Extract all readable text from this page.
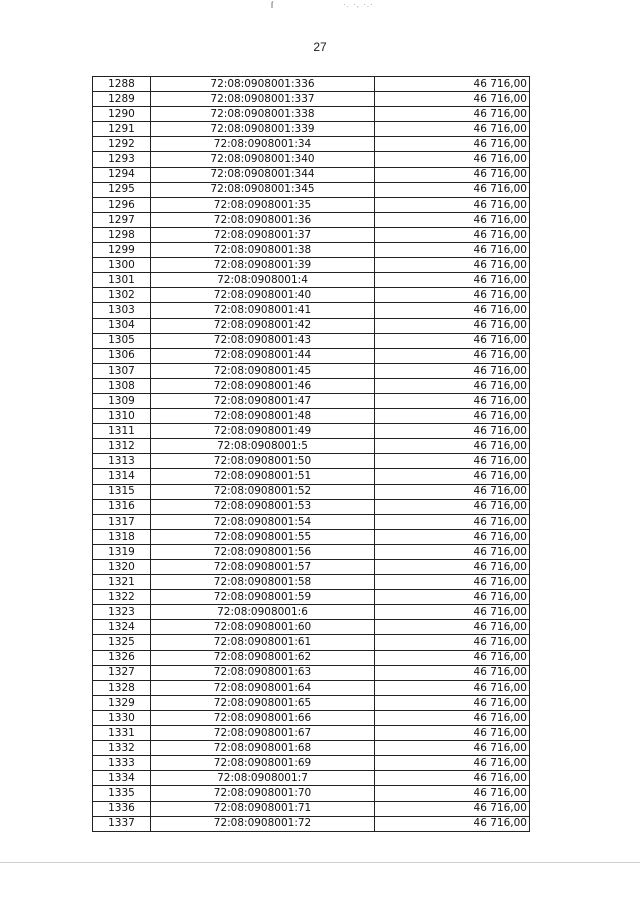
ſ	·. ·, ·.·
27
1288	72:08:0908001:336	46 716,00
1289	72:08:0908001:337	46 716,00
1290	72:08:0908001:338	46 716,00
1291	72:08:0908001:339	46 716,00
1292	72:08:0908001:34	46 716,00
1293	72:08:0908001:340	46 716,00
1294	72:08:0908001:344	46 716,00
1295	72:08:0908001:345	46 716,00
1296	72:08:0908001:35	46 716,00
1297	72:08:0908001:36	46 716,00
1298	72:08:0908001:37	46 716,00
1299	72:08:0908001:38	46 716,00
1300	72:08:0908001:39	46 716,00
1301	72:08:0908001:4	46 716,00
1302	72:08:0908001:40	46 716,00
1303	72:08:0908001:41	46 716,00
1304	72:08:0908001:42	46 716,00
1305	72:08:0908001:43	46 716,00
1306	72:08:0908001:44	46 716,00
1307	72:08:0908001:45	46 716,00
1308	72:08:0908001:46	46 716,00
1309	72:08:0908001:47	46 716,00
1310	72:08:0908001:48	46 716,00
1311	72:08:0908001:49	46 716,00
1312	72:08:0908001:5	46 716,00
1313	72:08:0908001:50	46 716,00
1314	72:08:0908001:51	46 716,00
1315	72:08:0908001:52	46 716,00
1316	72:08:0908001:53	46 716,00
1317	72:08:0908001:54	46 716,00
1318	72:08:0908001:55	46 716,00
1319	72:08:0908001:56	46 716,00
1320	72:08:0908001:57	46 716,00
1321	72:08:0908001:58	46 716,00
1322	72:08:0908001:59	46 716,00
1323	72:08:0908001:6	46 716,00
1324	72:08:0908001:60	46 716,00
1325	72:08:0908001:61	46 716,00
1326	72:08:0908001:62	46 716,00
1327	72:08:0908001:63	46 716,00
1328	72:08:0908001:64	46 716,00
1329	72:08:0908001:65	46 716,00
1330	72:08:0908001:66	46 716,00
1331	72:08:0908001:67	46 716,00
1332	72:08:0908001:68	46 716,00
1333	72:08:0908001:69	46 716,00
1334	72:08:0908001:7	46 716,00
1335	72:08:0908001:70	46 716,00
1336	72:08:0908001:71	46 716,00
1337	72:08:0908001:72	46 716,00
